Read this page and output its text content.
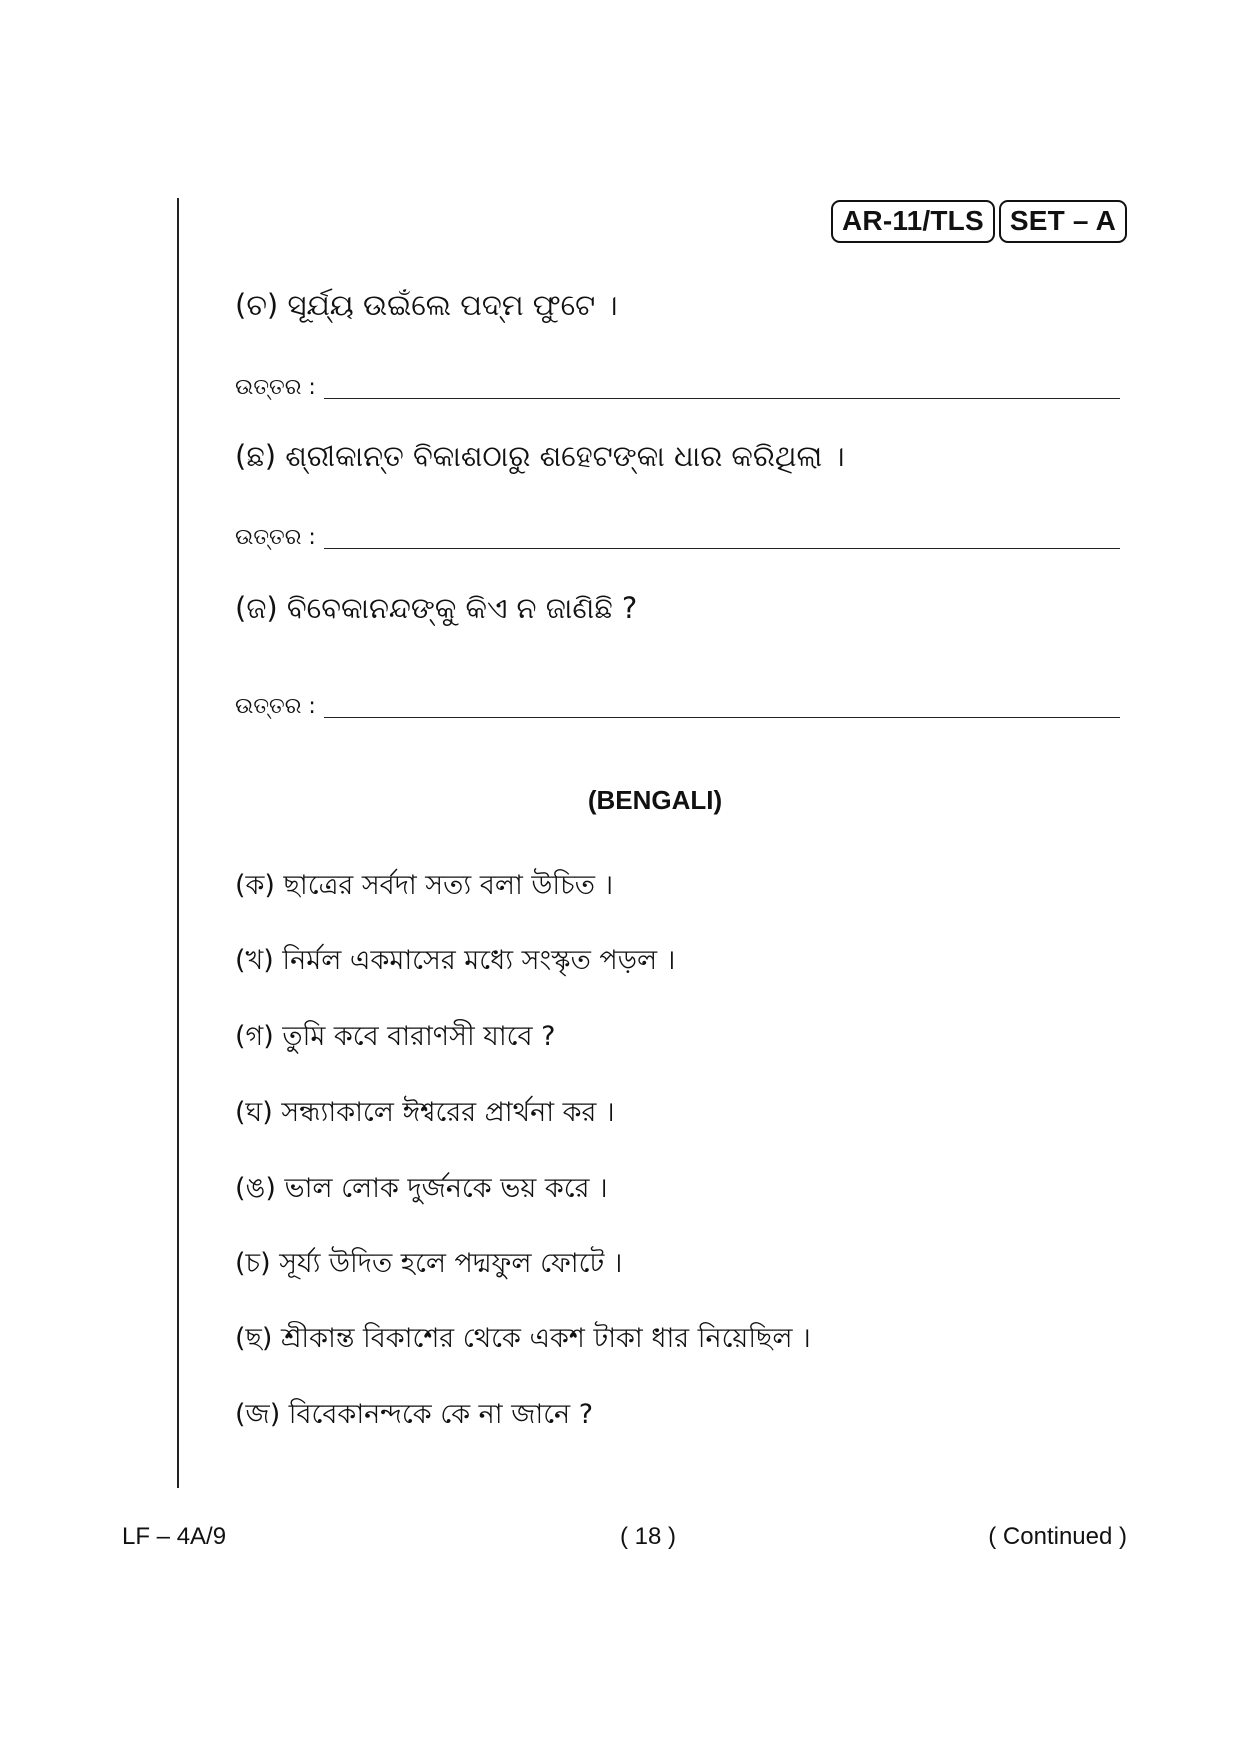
AR-11/TLS SET – A
(ଚ) ସୂର୍ଯ୍ୟ ଉଇଁଲେ ପଦ୍ମ ଫୁଟେ ।
ଉତ୍ତର :
(ଛ) ଶ୍ରୀକାନ୍ତ ବିକାଶଠାରୁ ଶହେଟଙ୍କା ଧାର କରିଥିଲା ।
ଉତ୍ତର :
(ଜ) ବିବେକାନନ୍ଦଙ୍କୁ କିଏ ନ ଜାଣିଛି ?
ଉତ୍ତର :
(BENGALI)
(ক) ছাত্রের সর্বদা সত্য বলা উচিত ।
(খ) নির্মল একমাসের মধ্যে সংস্কৃত পড়ল ।
(গ) তুমি কবে বারাণসী যাবে ?
(ঘ) সন্ধ্যাকালে ঈশ্বরের প্রার্থনা কর ।
(ঙ) ভাল লোক দুর্জনকে ভয় করে ।
(চ) সূর্য্য উদিত হলে পদ্মফুল ফোটে ।
(ছ) শ্রীকান্ত বিকাশের থেকে একশ টাকা ধার নিয়েছিল ।
(জ) বিবেকানন্দকে কে না জানে ?
LF – 4A/9	( 18 )	( Continued )
